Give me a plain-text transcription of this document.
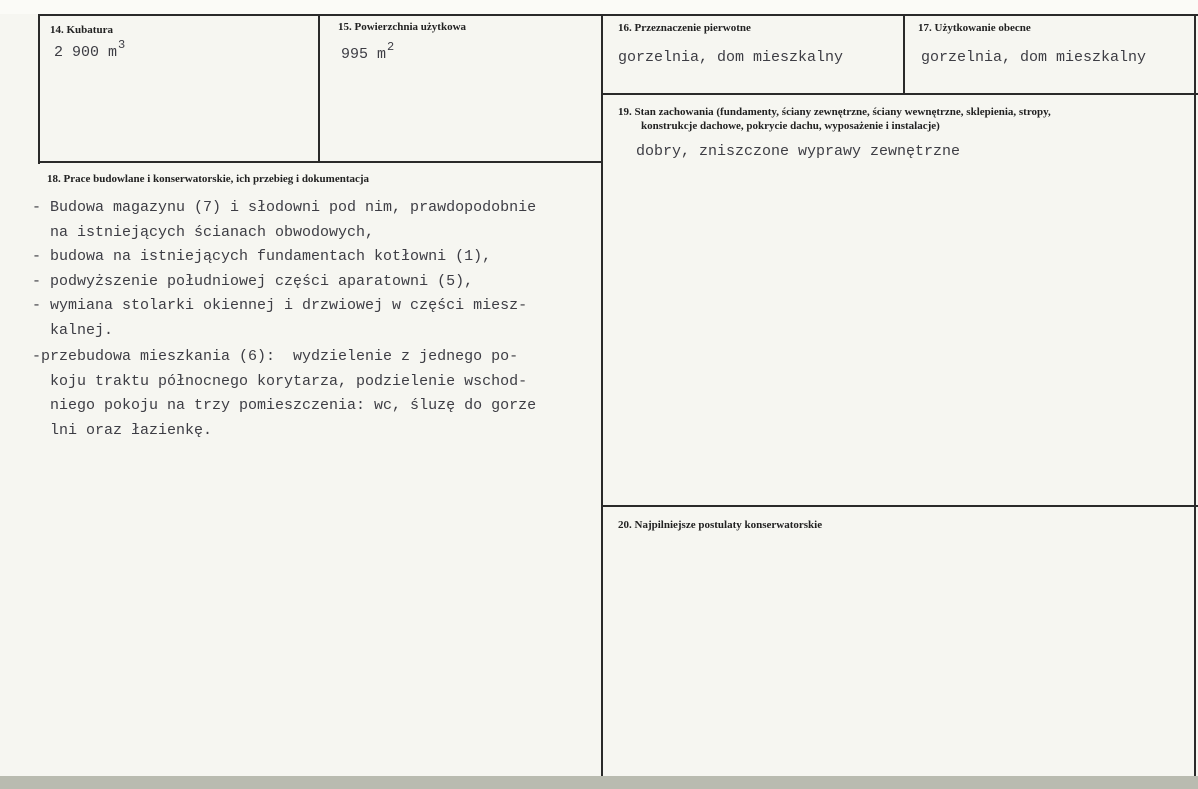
14. Kubatura
2 900 $m^3$
15. Powierzchnia użytkowa
995 $m^2$
16. Przeznaczenie pierwotne
gorzelnia, dom mieszkalny
17. Użytkowanie obecne
gorzelnia, dom mieszkalny
18. Prace budowlane i konserwatorskie, ich przebieg i dokumentacja
- Budowa magazynu (7) i słodowni pod nim, prawdopodobnie
na istniejących ścianach obwodowych,
- budowa na istniejących fundamentach kotłowni (1),
- podwyższenie południowej części aparatowni (5),
- wymiana stolarki okiennej i drzwiowej w części miesz-
kalnej.
-przebudowa mieszkania (6):  wydzielenie z jednego po-
koju traktu północnego korytarza, podzielenie wschod-
niego pokoju na trzy pomieszczenia: wc, śluzę do gorze
lni oraz łazienkę.
19. Stan zachowania (fundamenty, ściany zewnętrzne, ściany wewnętrzne, sklepienia, stropy,
konstrukcje dachowe, pokrycie dachu, wyposażenie i instalacje)
dobry, zniszczone wyprawy zewnętrzne
20. Najpilniejsze postulaty konserwatorskie
